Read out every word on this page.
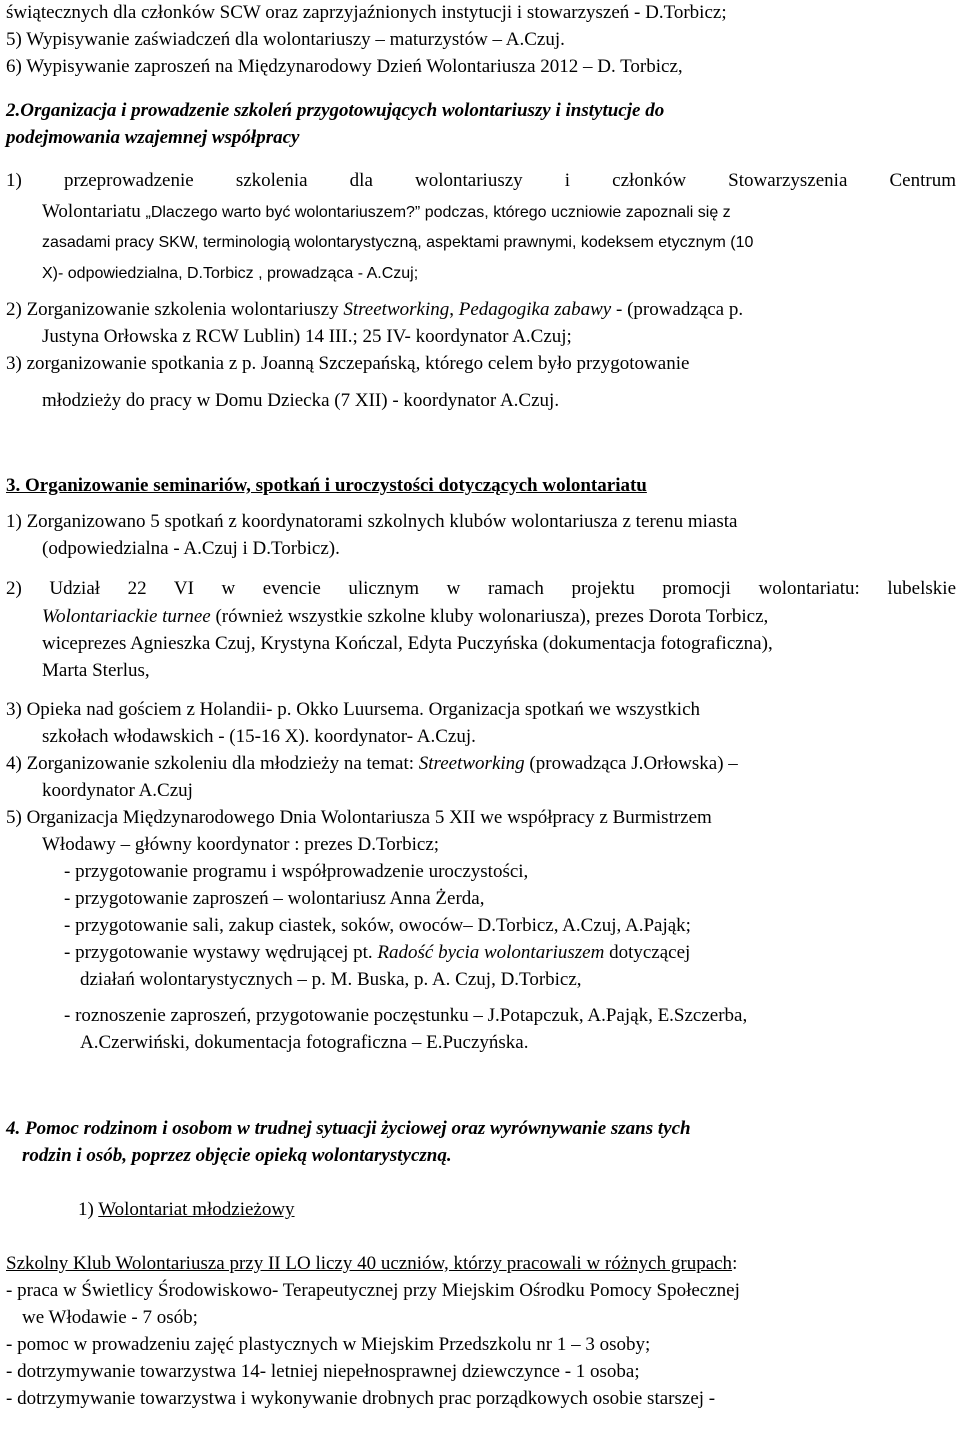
świątecznych dla członków SCW oraz zaprzyjaźnionych instytucji i stowarzyszeń - D.Torbicz;
5) Wypisywanie zaświadczeń dla wolontariuszy – maturzystów – A.Czuj.
6) Wypisywanie zaproszeń na Międzynarodowy Dzień Wolontariusza 2012 – D. Torbicz,
2.Organizacja i prowadzenie szkoleń przygotowujących wolontariuszy i instytucje do
podejmowania wzajemnej współpracy
1) przeprowadzenie szkolenia dla wolontariuszy i członków Stowarzyszenia Centrum
Wolontariatu „Dlaczego warto być wolontariuszem?” podczas, którego uczniowie zapoznali się z
zasadami pracy SKW, terminologią wolontarystyczną, aspektami prawnymi, kodeksem etycznym (10
X)- odpowiedzialna, D.Torbicz , prowadząca - A.Czuj;
2) Zorganizowanie szkolenia wolontariuszy Streetworking, Pedagogika zabawy - (prowadząca p.
Justyna Orłowska z RCW Lublin) 14 III.; 25 IV- koordynator A.Czuj;
3) zorganizowanie spotkania z p. Joanną Szczepańską, którego celem było przygotowanie
młodzieży do pracy w Domu Dziecka (7 XII) - koordynator A.Czuj.
3. Organizowanie seminariów, spotkań i uroczystości dotyczących wolontariatu
1) Zorganizowano 5 spotkań z koordynatorami szkolnych klubów wolontariusza z terenu miasta
(odpowiedzialna - A.Czuj i D.Torbicz).
2) Udział 22 VI w evencie ulicznym w ramach projektu promocji wolontariatu: lubelskie
Wolontariackie turnee (również wszystkie szkolne kluby wolonariusza), prezes Dorota Torbicz,
wiceprezes Agnieszka Czuj, Krystyna Kończal, Edyta Puczyńska (dokumentacja fotograficzna),
Marta Sterlus,
3) Opieka nad gościem z Holandii- p. Okko Luursema. Organizacja spotkań we wszystkich
szkołach włodawskich - (15-16 X). koordynator- A.Czuj.
4) Zorganizowanie szkoleniu dla młodzieży na temat: Streetworking (prowadząca J.Orłowska) –
koordynator A.Czuj
5) Organizacja Międzynarodowego Dnia Wolontariusza 5 XII we współpracy z Burmistrzem
Włodawy – główny koordynator : prezes D.Torbicz;
- przygotowanie programu i współprowadzenie uroczystości,
- przygotowanie zaproszeń – wolontariusz Anna Żerda,
- przygotowanie sali, zakup ciastek, soków, owoców– D.Torbicz, A.Czuj, A.Pająk;
- przygotowanie wystawy wędrującej pt. Radość bycia wolontariuszem dotyczącej
działań wolontarystycznych – p. M. Buska, p. A. Czuj, D.Torbicz,
- roznoszenie zaproszeń, przygotowanie poczęstunku – J.Potapczuk, A.Pająk, E.Szczerba,
A.Czerwiński, dokumentacja fotograficzna – E.Puczyńska.
4. Pomoc rodzinom i osobom w trudnej sytuacji życiowej oraz wyrównywanie szans tych
rodzin i osób, poprzez objęcie opieką wolontarystyczną.
1) Wolontariat młodzieżowy
Szkolny Klub Wolontariusza przy II LO liczy 40 uczniów, którzy pracowali w różnych grupach:
- praca w Świetlicy Środowiskowo- Terapeutycznej przy Miejskim Ośrodku Pomocy Społecznej
we Włodawie - 7 osób;
- pomoc w prowadzeniu zajęć plastycznych w Miejskim Przedszkolu nr 1 – 3 osoby;
- dotrzymywanie towarzystwa 14- letniej niepełnosprawnej dziewczynce - 1 osoba;
- dotrzymywanie towarzystwa i wykonywanie drobnych prac porządkowych osobie starszej -
